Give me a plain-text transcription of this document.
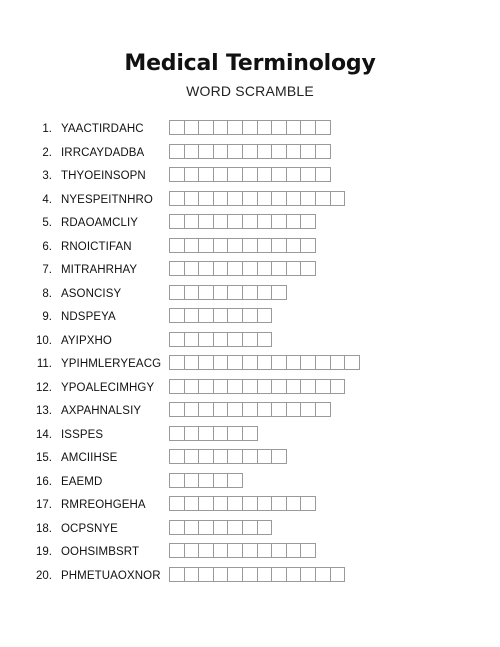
Medical Terminology
WORD SCRAMBLE
1. YAACTIRDAHC
2. IRRCAYDADBA
3. THYOEINSOPN
4. NYESPEITNHRO
5. RDAOAMCLIY
6. RNOICTIFAN
7. MITRAHRHAY
8. ASONCISY
9. NDSPEYA
10. AYIPXHO
11. YPIHMLERYEACG
12. YPOALECIMHGY
13. AXPAHNALSIY
14. ISSPES
15. AMCIIHSE
16. EAEMD
17. RMREOHGEHA
18. OCPSNYE
19. OOHSIMBSRT
20. PHMETUAOXNOR
